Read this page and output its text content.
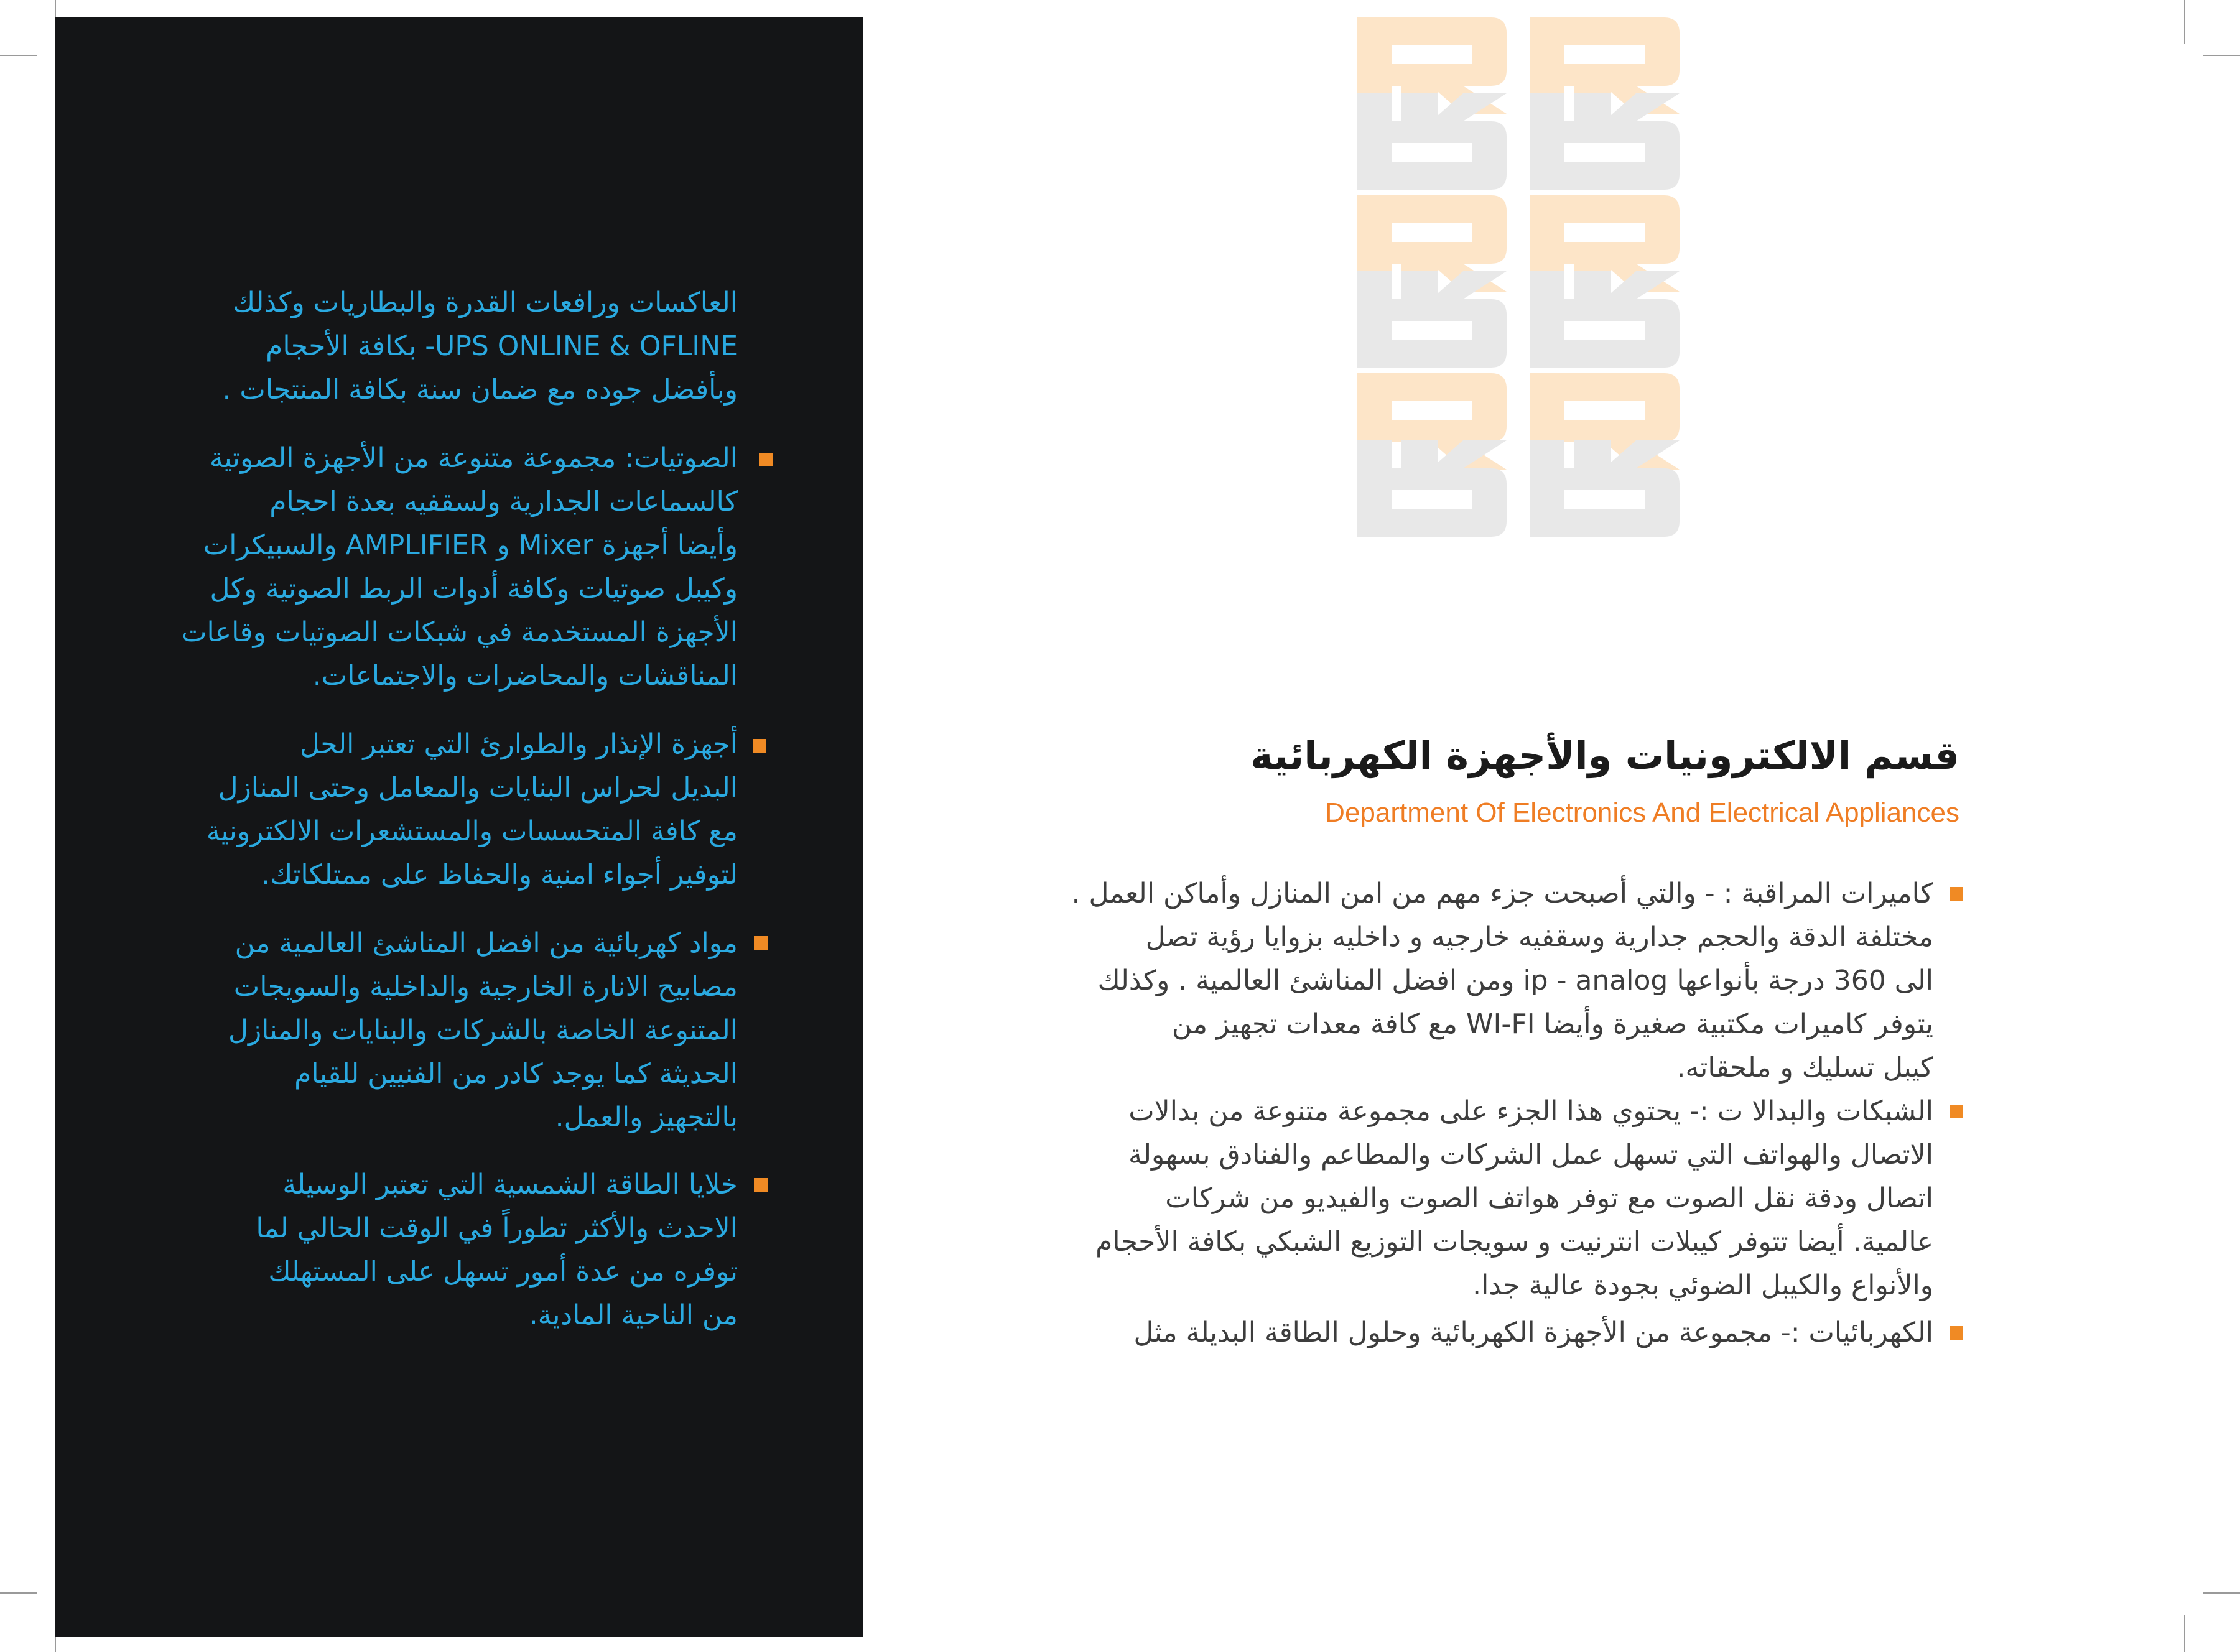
العاكسات ورافعات القدرة والبطاريات وكذلك
UPS ONLINE & OFLINE- بكافة الأحجام
وبأفضل جوده مع ضمان سنة بكافة المنتجات .
الصوتيات: مجموعة متنوعة من الأجهزة الصوتية
كالسماعات الجدارية ولسقفيه بعدة احجام
وأيضا أجهزة Mixer و AMPLIFIER والسبيكرات
وكيبل صوتيات وكافة أدوات الربط الصوتية وكل
الأجهزة المستخدمة في شبكات الصوتيات وقاعات
المناقشات والمحاضرات والاجتماعات.
أجهزة الإنذار والطوارئ التي تعتبر الحل
البديل لحراس البنايات والمعامل وحتى المنازل
مع كافة المتحسسات والمستشعرات الالكترونية
لتوفير أجواء امنية والحفاظ على ممتلكاتك.
مواد كهربائية من افضل المناشئ العالمية من
مصابيح الانارة الخارجية والداخلية والسويجات
المتنوعة الخاصة بالشركات والبنايات والمنازل
الحديثة كما يوجد كادر من الفنيين للقيام
بالتجهيز والعمل.
خلايا الطاقة الشمسية التي تعتبر الوسيلة
الاحدث والأكثر تطوراً في الوقت الحالي لما
توفره من عدة أمور تسهل على المستهلك
من الناحية المادية.
قسم الالكترونيات والأجهزة الكهربائية
Department Of Electronics And Electrical Appliances
كاميرات المراقبة : - والتي أصبحت جزء مهم من امن المنازل وأماكن العمل .
مختلفة الدقة والحجم جدارية وسقفيه خارجيه و داخليه بزوايا رؤية تصل
الى 360 درجة بأنواعها ip - analog ومن افضل المناشئ العالمية . وكذلك
يتوفر كاميرات مكتبية صغيرة وأيضا WI-FI مع كافة معدات تجهيز من
كيبل تسليك و ملحقاته.
الشبكات والبدالا ت :- يحتوي هذا الجزء على مجموعة متنوعة من بدالات
الاتصال والهواتف التي تسهل عمل الشركات والمطاعم والفنادق بسهولة
اتصال ودقة نقل الصوت مع توفر هواتف الصوت والفيديو من شركات
عالمية. أيضا تتوفر كيبلات انترنيت و سويجات التوزيع الشبكي بكافة الأحجام
والأنواع والكيبل الضوئي بجودة عالية جدا.
الكهربائيات :- مجموعة من الأجهزة الكهربائية وحلول الطاقة البديلة مثل
